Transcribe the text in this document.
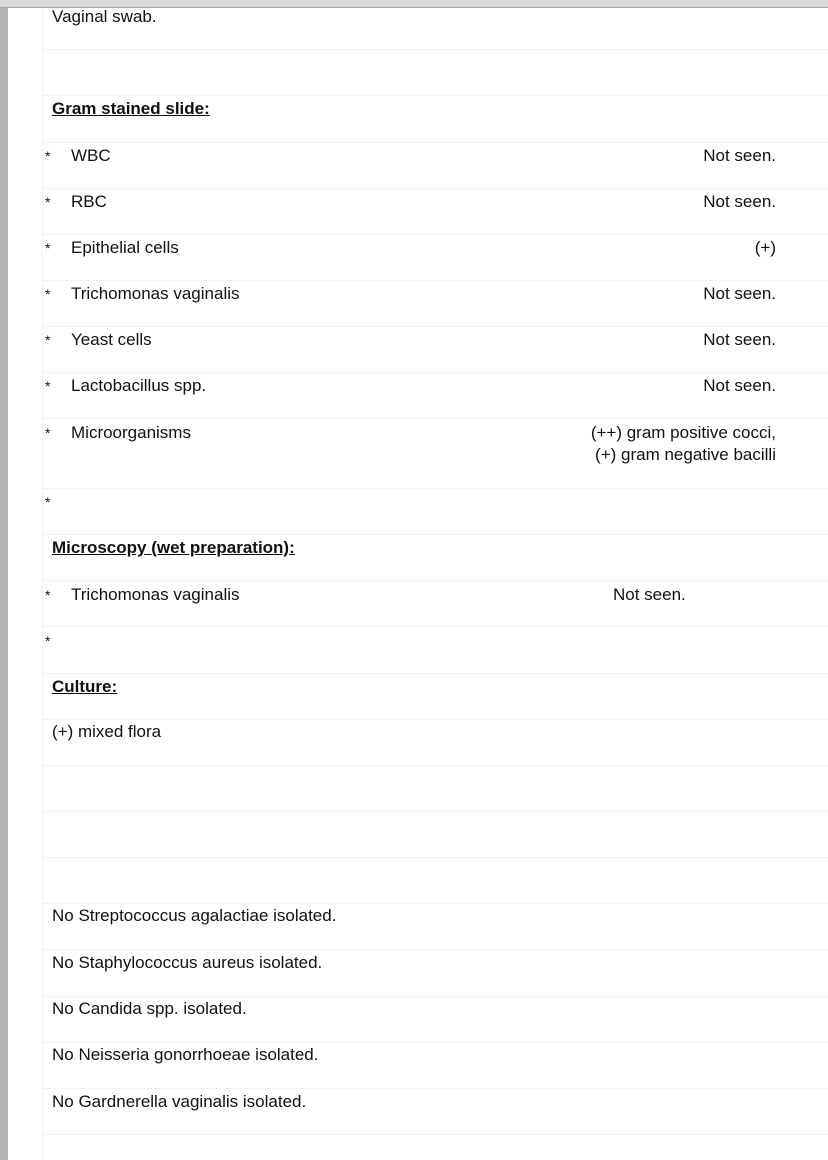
Vaginal swab.
Gram stained slide:
* WBC	Not seen.
* RBC	Not seen.
* Epithelial cells	(+)
* Trichomonas vaginalis	Not seen.
* Yeast cells	Not seen.
* Lactobacillus spp.	Not seen.
* Microorganisms	(++) gram positive cocci, (+) gram negative bacilli
*
Microscopy (wet preparation):
* Trichomonas vaginalis	Not seen.
*
Culture:
(+) mixed flora
No Streptococcus agalactiae isolated.
No Staphylococcus aureus isolated.
No Candida spp. isolated.
No Neisseria gonorrhoeae isolated.
No Gardnerella vaginalis isolated.
